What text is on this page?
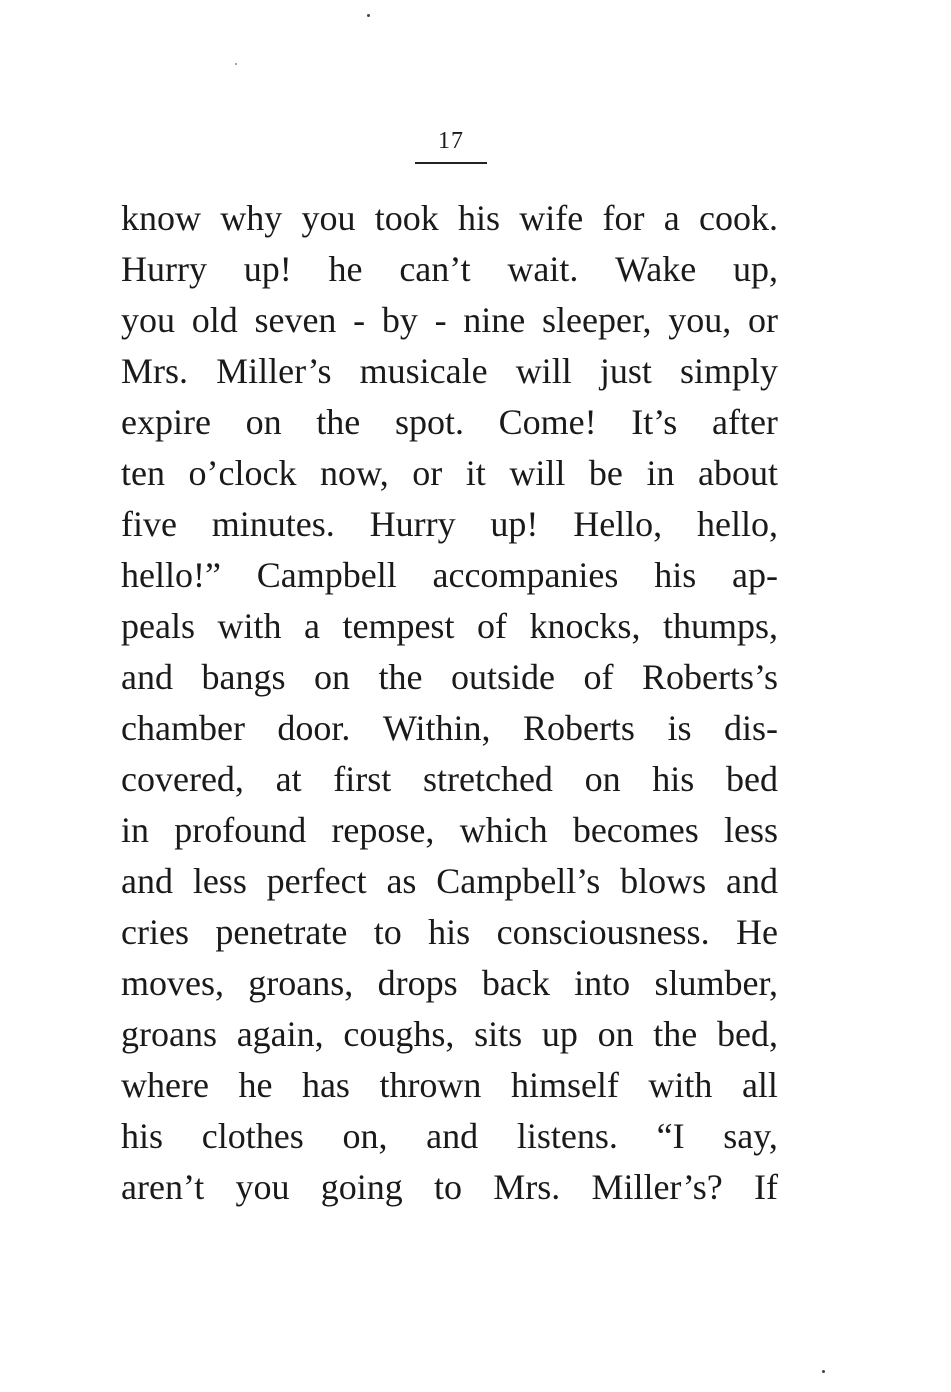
17
know why you took his wife for a cook.
Hurry up! he can’t wait. Wake up,
you old seven - by - nine sleeper, you, or
Mrs. Miller’s musicale will just simply
expire on the spot. Come! It’s after
ten o’clock now, or it will be in about
five minutes. Hurry up! Hello, hello,
hello!” Campbell accompanies his ap-
peals with a tempest of knocks, thumps,
and bangs on the outside of Roberts’s
chamber door. Within, Roberts is dis-
covered, at first stretched on his bed
in profound repose, which becomes less
and less perfect as Campbell’s blows and
cries penetrate to his consciousness. He
moves, groans, drops back into slumber,
groans again, coughs, sits up on the bed,
where he has thrown himself with all
his clothes on, and listens. “I say,
aren’t you going to Mrs. Miller’s? If
